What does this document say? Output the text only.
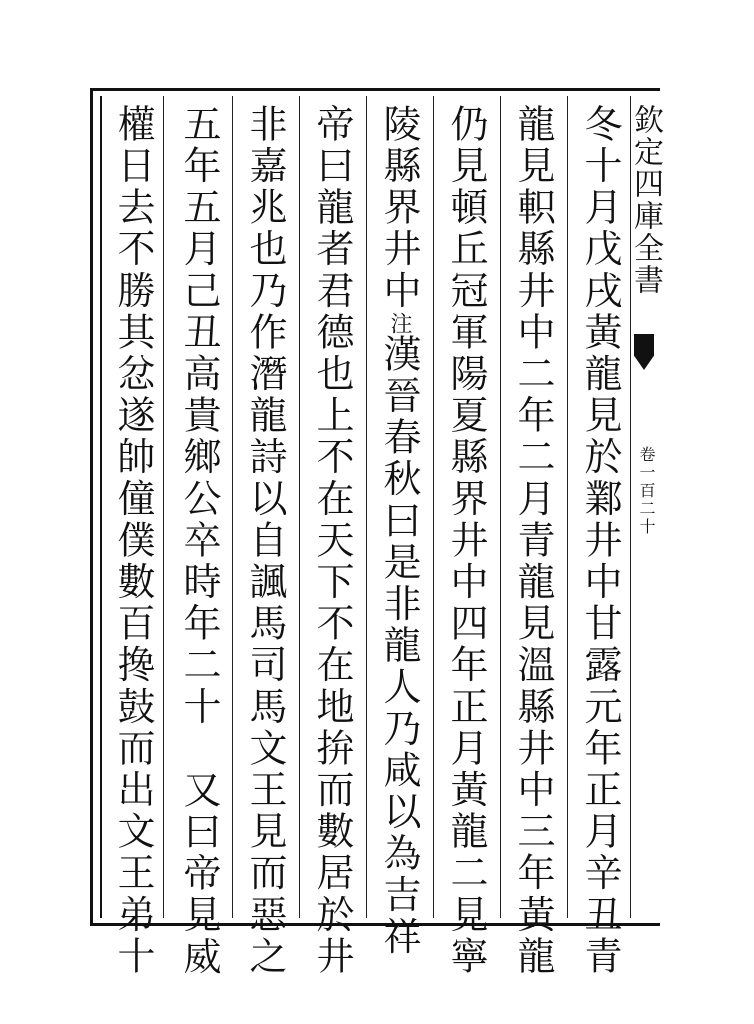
欽定四庫全書
卷一百二十
冬十月戊戌黃龍見於鄴井中甘露元年正月辛丑青
龍見軹縣井中二年二月青龍見溫縣井中三年黃龍
仍見頓丘冠軍陽夏縣界井中四年正月黃龍二見寧
陵縣界井中注漢晉春秋曰是非龍人乃咸以為吉祥
帝曰龍者君德也上不在天下不在地拚而數居於井
非嘉兆也乃作潛龍詩以自諷馬司馬文王見而惡之
五年五月己丑高貴鄉公卒時年二十又曰帝見威
權日去不勝其忿遂帥僮僕數百搀鼓而出文王弟十
